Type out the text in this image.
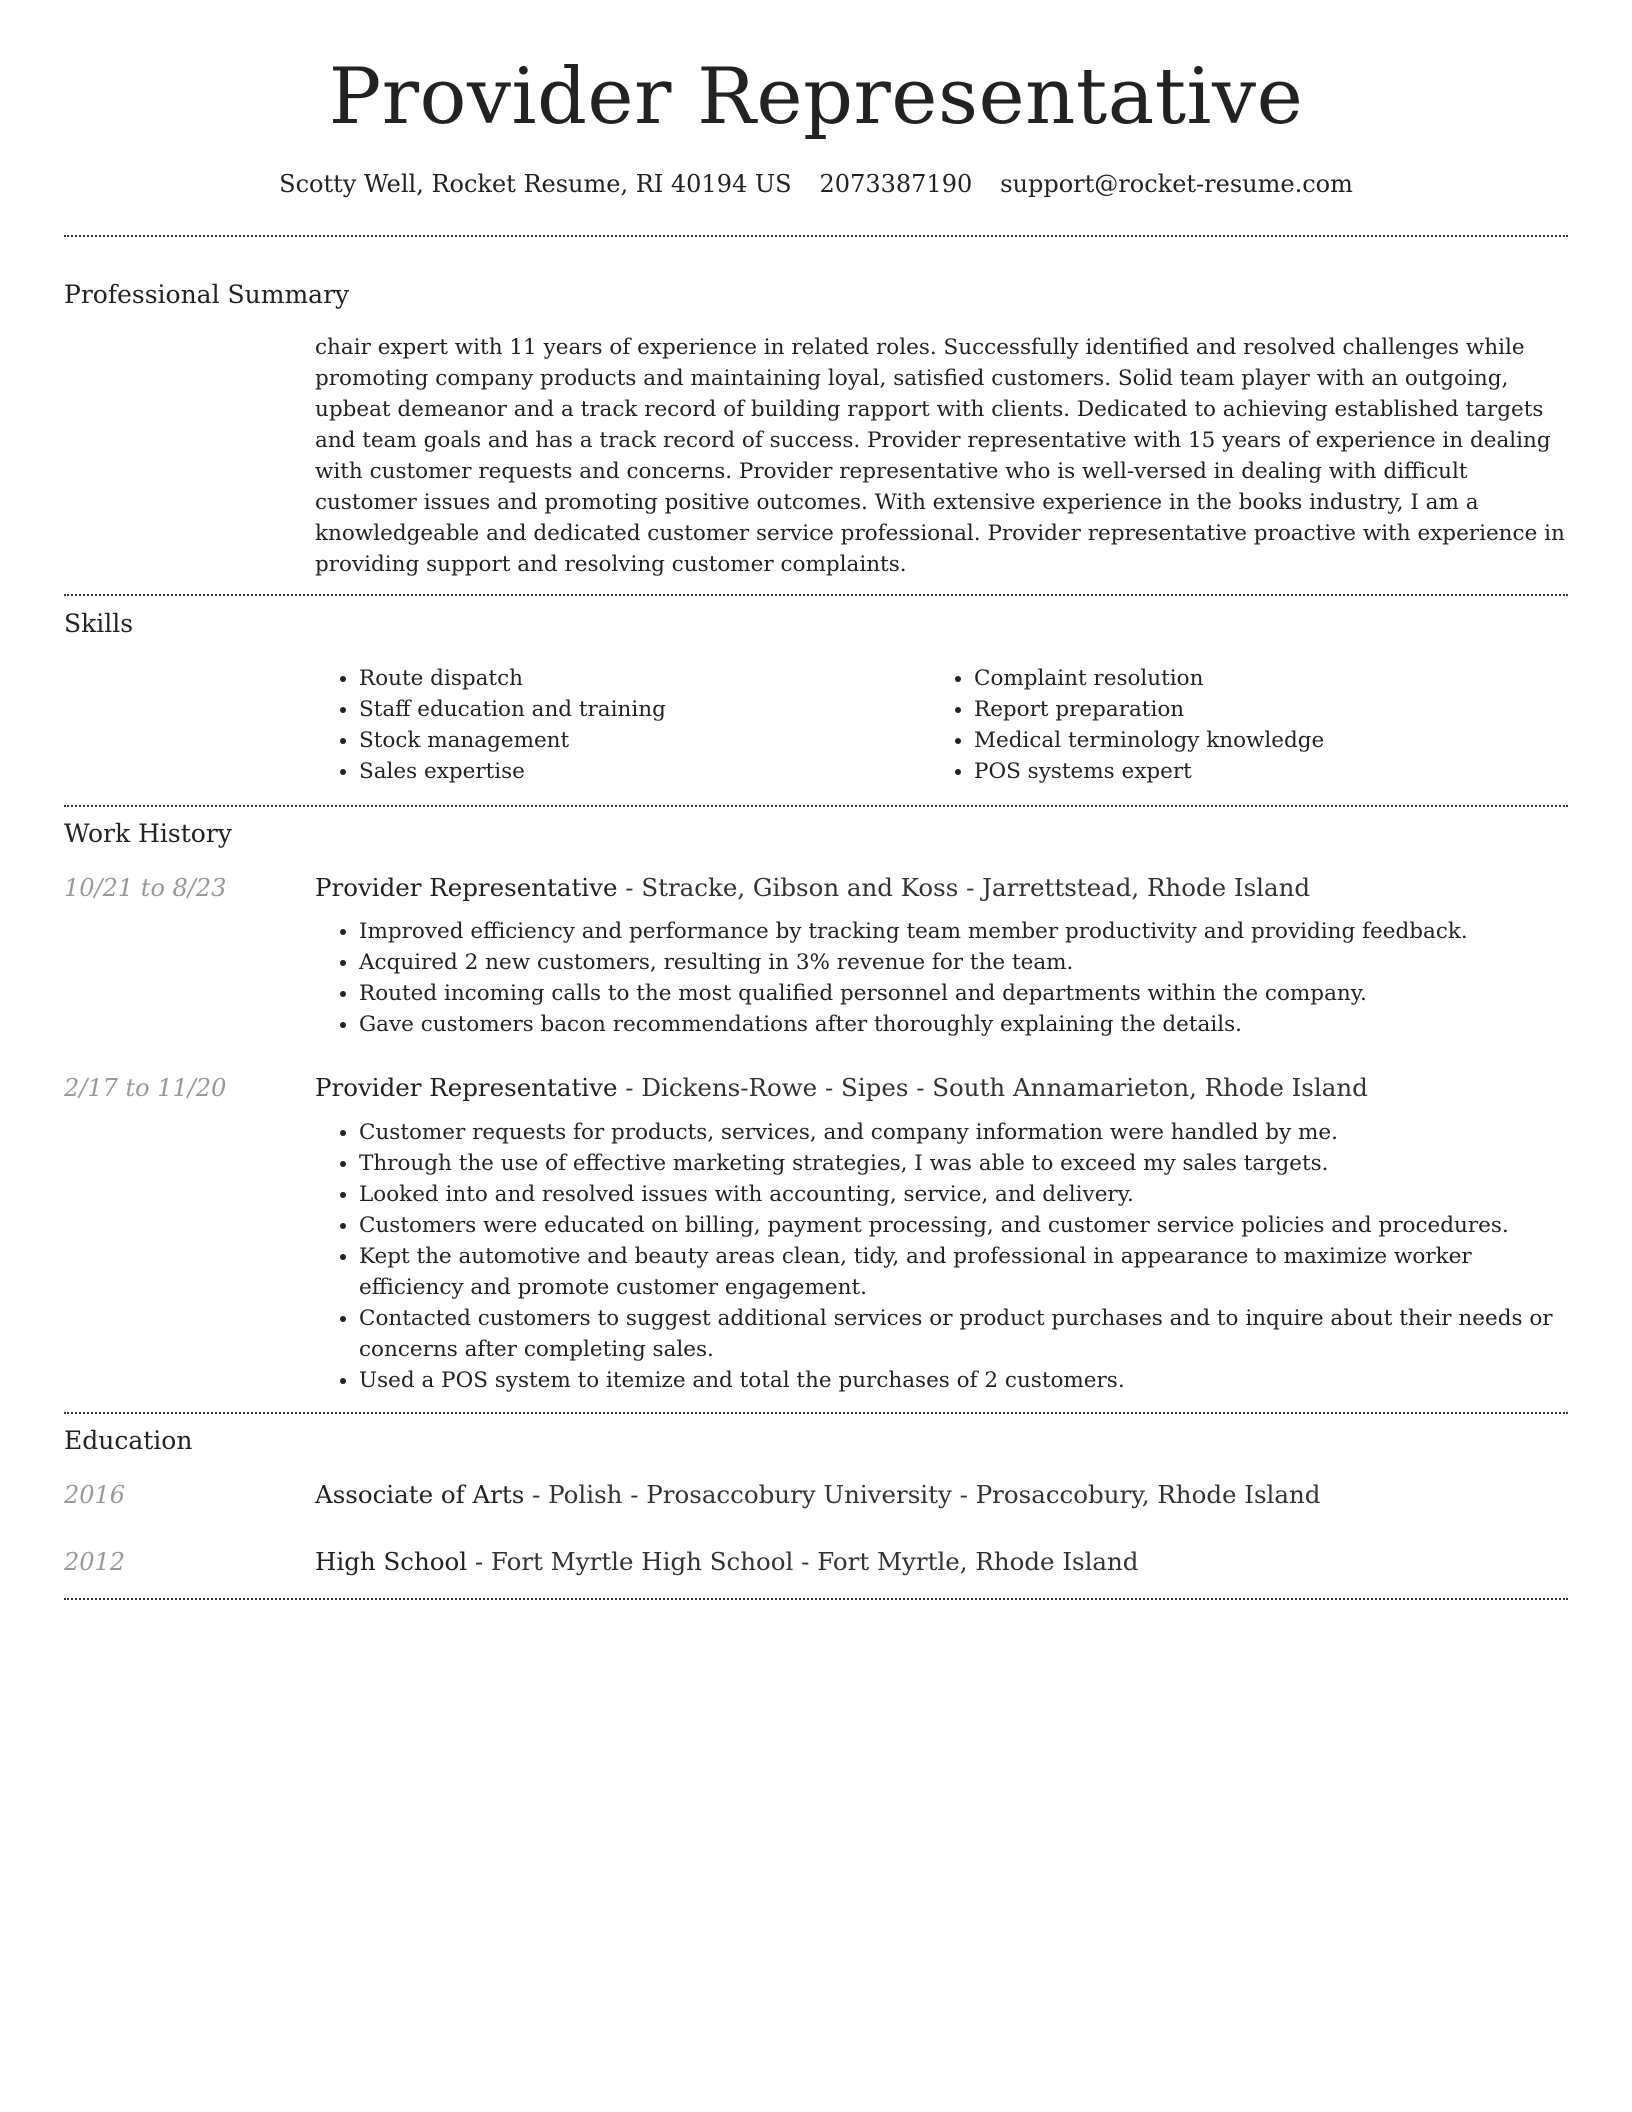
Provider Representative
Scotty Well, Rocket Resume, RI 40194 US 2073387190 support@rocket-resume.com
Professional Summary

chair expert with 11 years of experience in related roles. Successfully identified and resolved challenges while promoting company products and maintaining loyal, satisfied customers. Solid team player with an outgoing, upbeat demeanor and a track record of building rapport with clients. Dedicated to achieving established targets and team goals and has a track record of success. Provider representative with 15 years of experience in dealing with customer requests and concerns. Provider representative who is well-versed in dealing with difficult customer issues and promoting positive outcomes. With extensive experience in the books industry, I am a knowledgeable and dedicated customer service professional. Provider representative proactive with experience in providing support and resolving customer complaints.

Skills
• Route dispatch
• Staff education and training
• Stock management
• Sales expertise
• Complaint resolution
• Report preparation
• Medical terminology knowledge
• POS systems expert
Work History
10/21 to 8/23	Provider Representative - Stracke, Gibson and Koss - Jarrettstead, Rhode Island
• Improved efficiency and performance by tracking team member productivity and providing feedback.
• Acquired 2 new customers, resulting in 3% revenue for the team.
• Routed incoming calls to the most qualified personnel and departments within the company.
• Gave customers bacon recommendations after thoroughly explaining the details.
2/17 to 11/20	Provider Representative - Dickens-Rowe - Sipes - South Annamarieton, Rhode Island
• Customer requests for products, services, and company information were handled by me.
• Through the use of effective marketing strategies, I was able to exceed my sales targets.
• Looked into and resolved issues with accounting, service, and delivery.
• Customers were educated on billing, payment processing, and customer service policies and procedures.
• Kept the automotive and beauty areas clean, tidy, and professional in appearance to maximize worker efficiency and promote customer engagement.
• Contacted customers to suggest additional services or product purchases and to inquire about their needs or concerns after completing sales.
• Used a POS system to itemize and total the purchases of 2 customers.
Education
2016	Associate of Arts - Polish - Prosaccobury University - Prosaccobury, Rhode Island
2012	High School - Fort Myrtle High School - Fort Myrtle, Rhode Island
